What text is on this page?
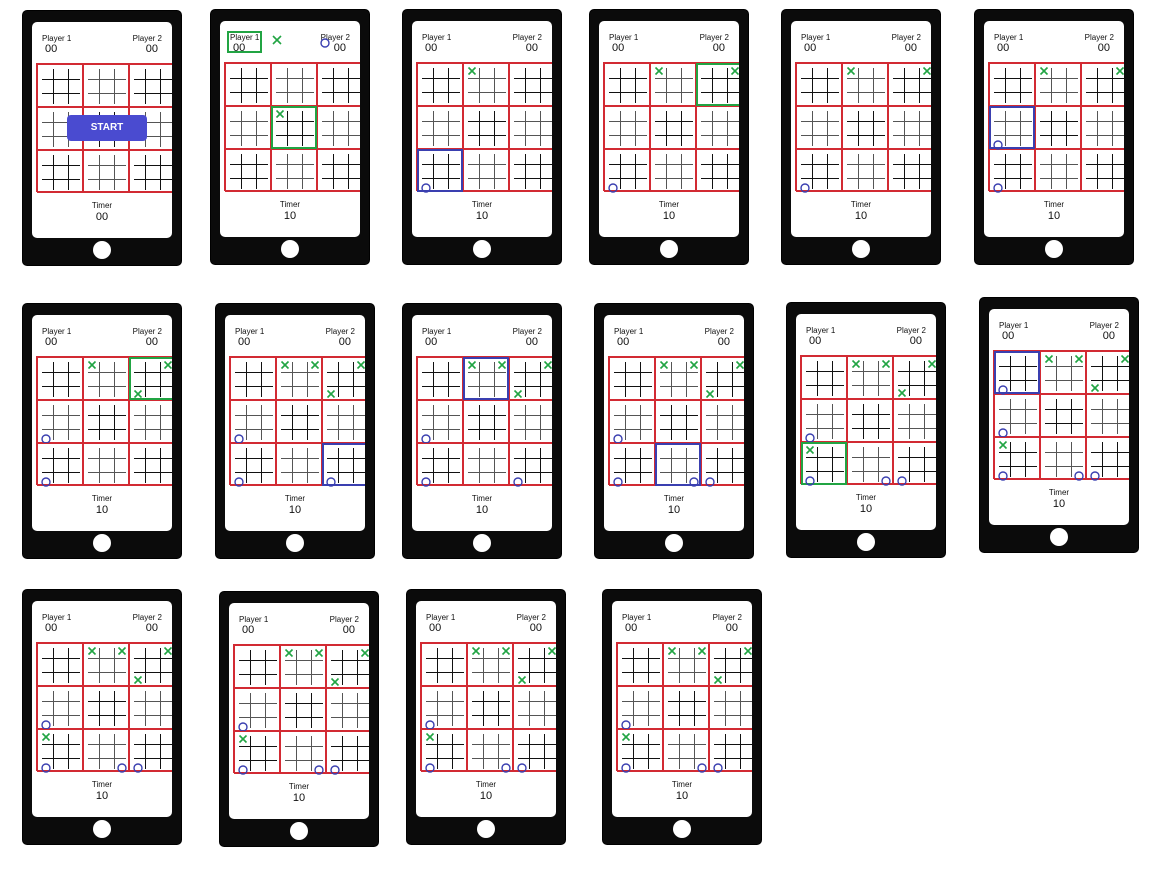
Player 1	Player 2
00	00
START
Timer
00
Player 1	Player 2
00	00
Timer
10
Player 1	Player 2
00	00
Timer
10
Player 1	Player 2
00	00
Timer
10
Player 1	Player 2
00	00
Timer
10
Player 1	Player 2
00	00
Timer
10
Player 1	Player 2
00	00
Timer
10
Player 1	Player 2
00	00
Timer
10
Player 1	Player 2
00	00
Timer
10
Player 1	Player 2
00	00
Timer
10
Player 1	Player 2
00	00
Timer
10
Player 1	Player 2
00	00
Timer
10
Player 1	Player 2
00	00
Timer
10
Player 1	Player 2
00	00
Timer
10
Player 1	Player 2
00	00
Timer
10
Player 1	Player 2
00	00
Timer
10
